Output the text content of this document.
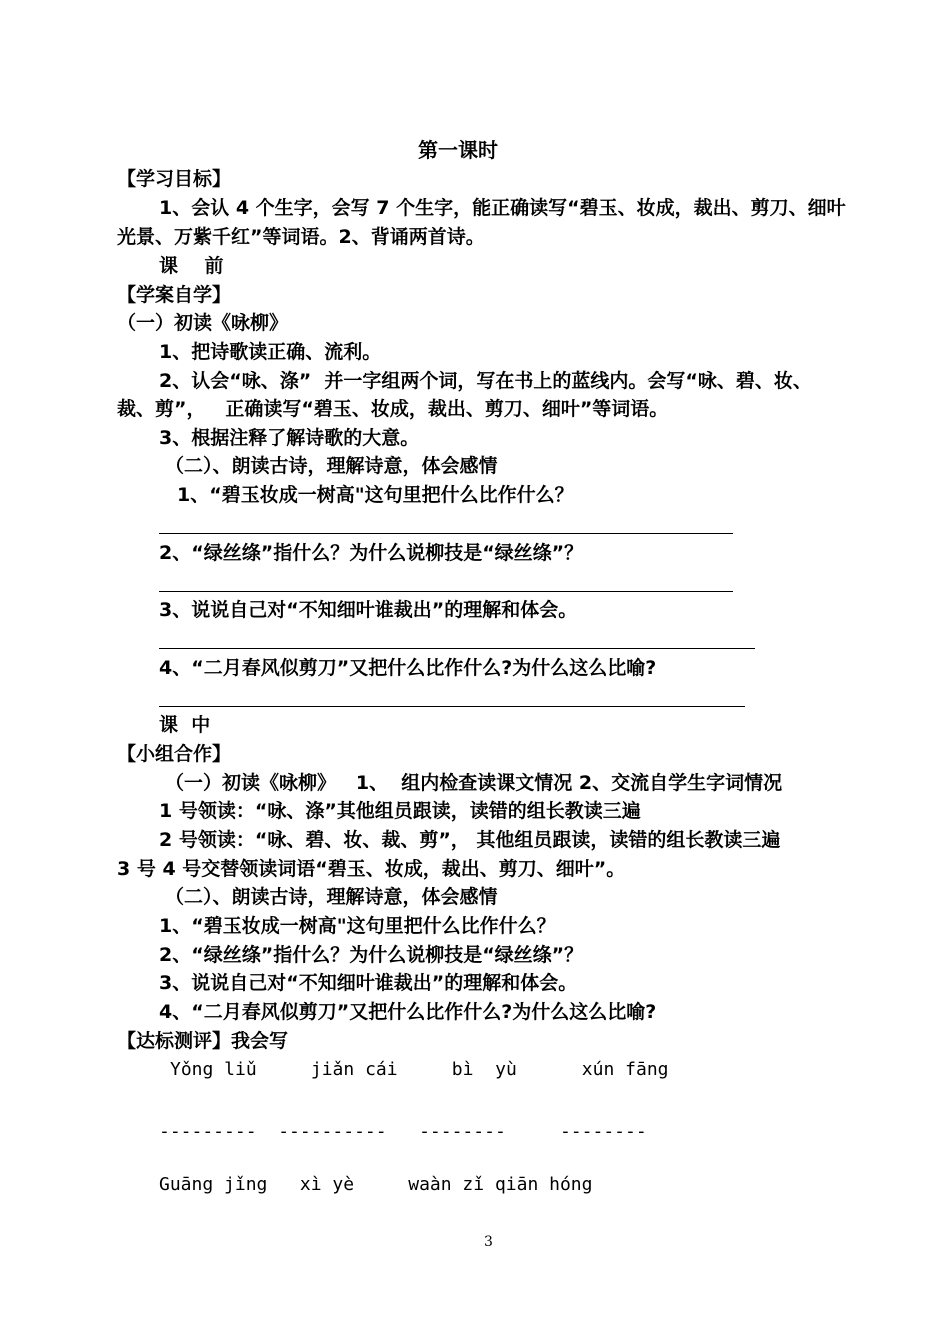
第一课时
【学习目标】
1、会认 4 个生字，会写 7 个生字，能正确读写“碧玉、妆成，裁出、剪刀、细叶
光景、万紫千红”等词语。2、背诵两首诗。
课    前
【学案自学】
（一）初读《咏柳》
1、把诗歌读正确、流利。
2、认会“咏、涤”  并一字组两个词，写在书上的蓝线内。会写“咏、碧、妆、
裁、剪”，   正确读写“碧玉、妆成，裁出、剪刀、细叶”等词语。
3、根据注释了解诗歌的大意。
（二）、朗读古诗，理解诗意，体会感情
1、“碧玉妆成一树高"这句里把什么比作什么？
2、“绿丝绦”指什么？为什么说柳技是“绿丝绦”？
3、说说自己对“不知细叶谁裁出”的理解和体会。
4、“二月春风似剪刀”又把什么比作什么?为什么这么比喻?
课  中
【小组合作】
（一）初读《咏柳》   1、  组内检查读课文情况 2、交流自学生字词情况
1 号领读：“咏、涤”其他组员跟读，读错的组长教读三遍
2 号领读：“咏、碧、妆、裁、剪”， 其他组员跟读，读错的组长教读三遍
3 号 4 号交替领读词语“碧玉、妆成，裁出、剪刀、细叶”。
（二）、朗读古诗，理解诗意，体会感情
1、“碧玉妆成一树高"这句里把什么比作什么？
2、“绿丝绦”指什么？为什么说柳技是“绿丝绦”？
3、说说自己对“不知细叶谁裁出”的理解和体会。
4、“二月春风似剪刀”又把什么比作什么?为什么这么比喻?
【达标测评】我会写
Yǒng liǔ     jiǎn cái     bì  yù      xún fāng
---------  ----------   --------     --------
Guāng jǐng   xì yè     waàn zǐ qiān hóng
3
